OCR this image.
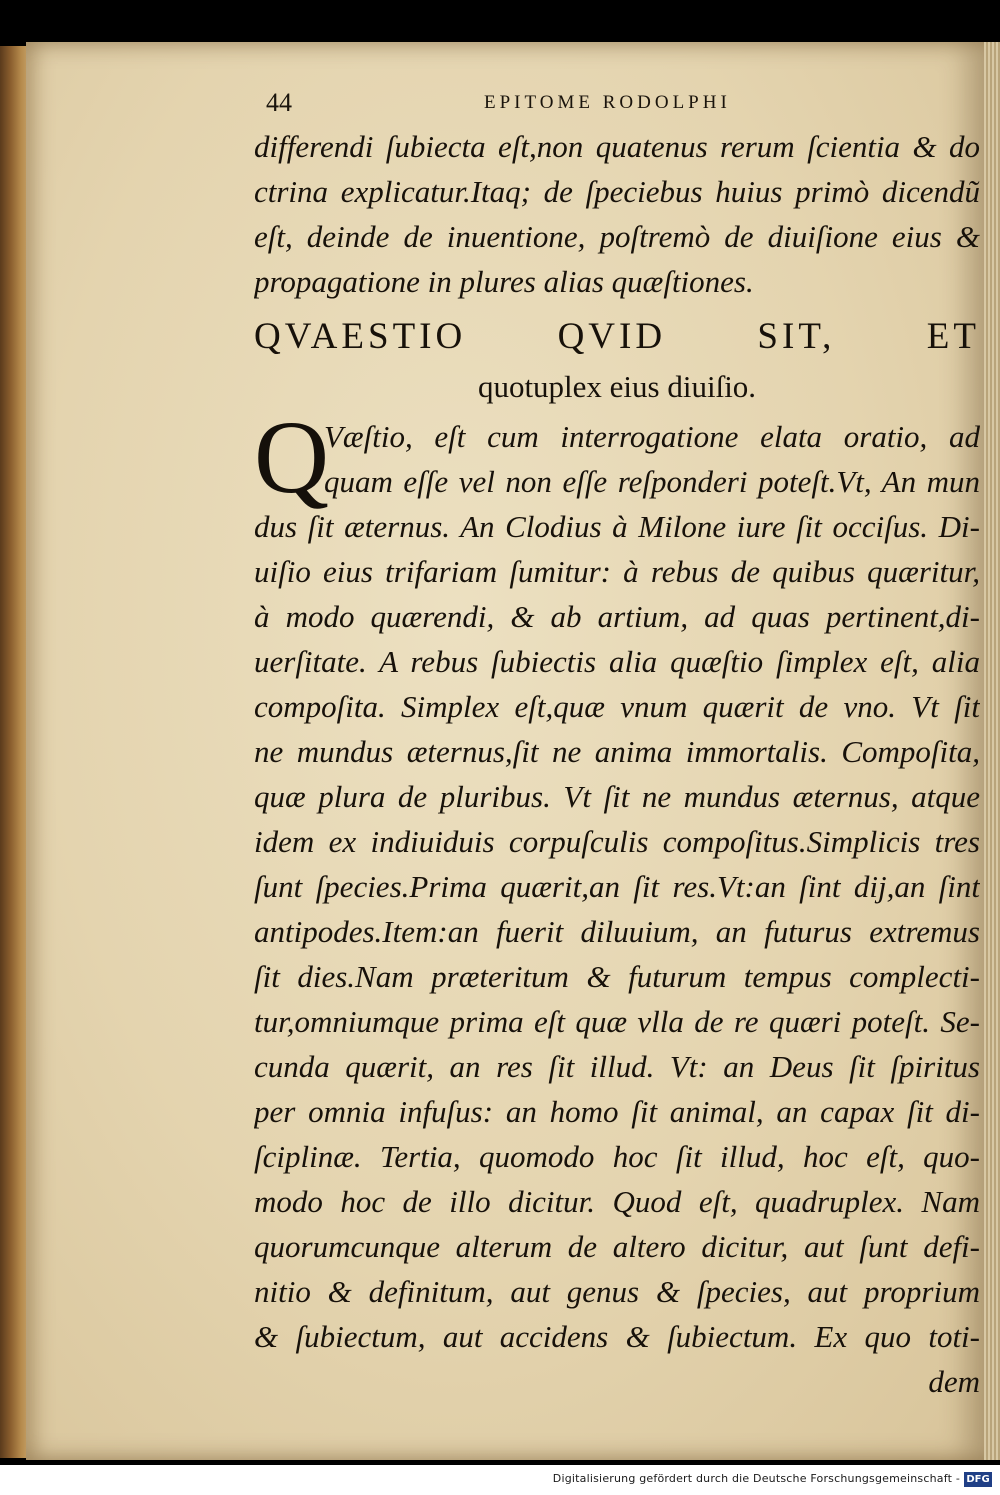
44	EPITOME RODOLPHI
differendi ſubiecta eſt,non quatenus rerum ſcientia & do
ctrina explicatur.Itaq; de ſpeciebus huius primò dicendũ
eſt, deinde de inuentione, poſtremò de diuiſione eius &
propagatione in plures alias quæſtiones.
QVAESTIO QVID SIT, ET
quotuplex eius diuiſio.
Q
Væſtio, eſt cum interrogatione elata oratio, ad
quam eſſe vel non eſſe reſponderi poteſt.Vt, An mun
dus ſit æternus. An Clodius à Milone iure ſit occiſus. Di-
uiſio eius trifariam ſumitur: à rebus de quibus quæritur,
à modo quærendi, & ab artium, ad quas pertinent,di-
uerſitate. A rebus ſubiectis alia quæſtio ſimplex eſt, alia
compoſita. Simplex eſt,quæ vnum quærit de vno. Vt ſit
ne mundus æternus,ſit ne anima immortalis. Compoſita,
quæ plura de pluribus. Vt ſit ne mundus æternus, atque
idem ex indiuiduis corpuſculis compoſitus.Simplicis tres
ſunt ſpecies.Prima quærit,an ſit res.Vt:an ſint dij,an ſint
antipodes.Item:an fuerit diluuium, an futurus extremus
ſit dies.Nam præteritum & futurum tempus complecti-
tur,omniumque prima eſt quæ vlla de re quæri poteſt. Se-
cunda quærit, an res ſit illud. Vt: an Deus ſit ſpiritus
per omnia infuſus: an homo ſit animal, an capax ſit di-
ſciplinæ. Tertia, quomodo hoc ſit illud, hoc eſt, quo-
modo hoc de illo dicitur. Quod eſt, quadruplex. Nam
quorumcunque alterum de altero dicitur, aut ſunt defi-
nitio & definitum, aut genus & ſpecies, aut proprium
& ſubiectum, aut accidens & ſubiectum. Ex quo toti-
dem
Digitalisierung gefördert durch die Deutsche Forschungsgemeinschaft - DFG
